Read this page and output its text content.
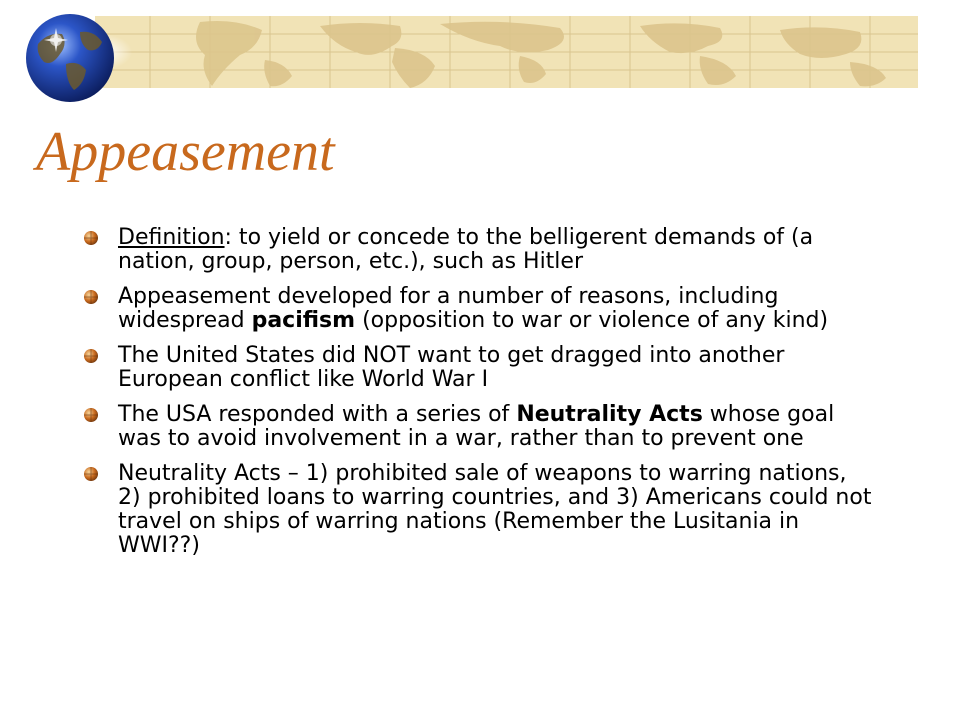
Appeasement
Definition: to yield or concede to the belligerent demands of (a nation, group, person, etc.), such as Hitler
Appeasement developed for a number of reasons, including widespread pacifism (opposition to war or violence of any kind)
The United States did NOT want to get dragged into another European conflict like World War I
The USA responded with a series of Neutrality Acts whose goal was to avoid involvement in a war, rather than to prevent one
Neutrality Acts – 1) prohibited sale of weapons to warring nations, 2) prohibited loans to warring countries, and 3) Americans could not travel on ships of warring nations (Remember the Lusitania in WWI??)
